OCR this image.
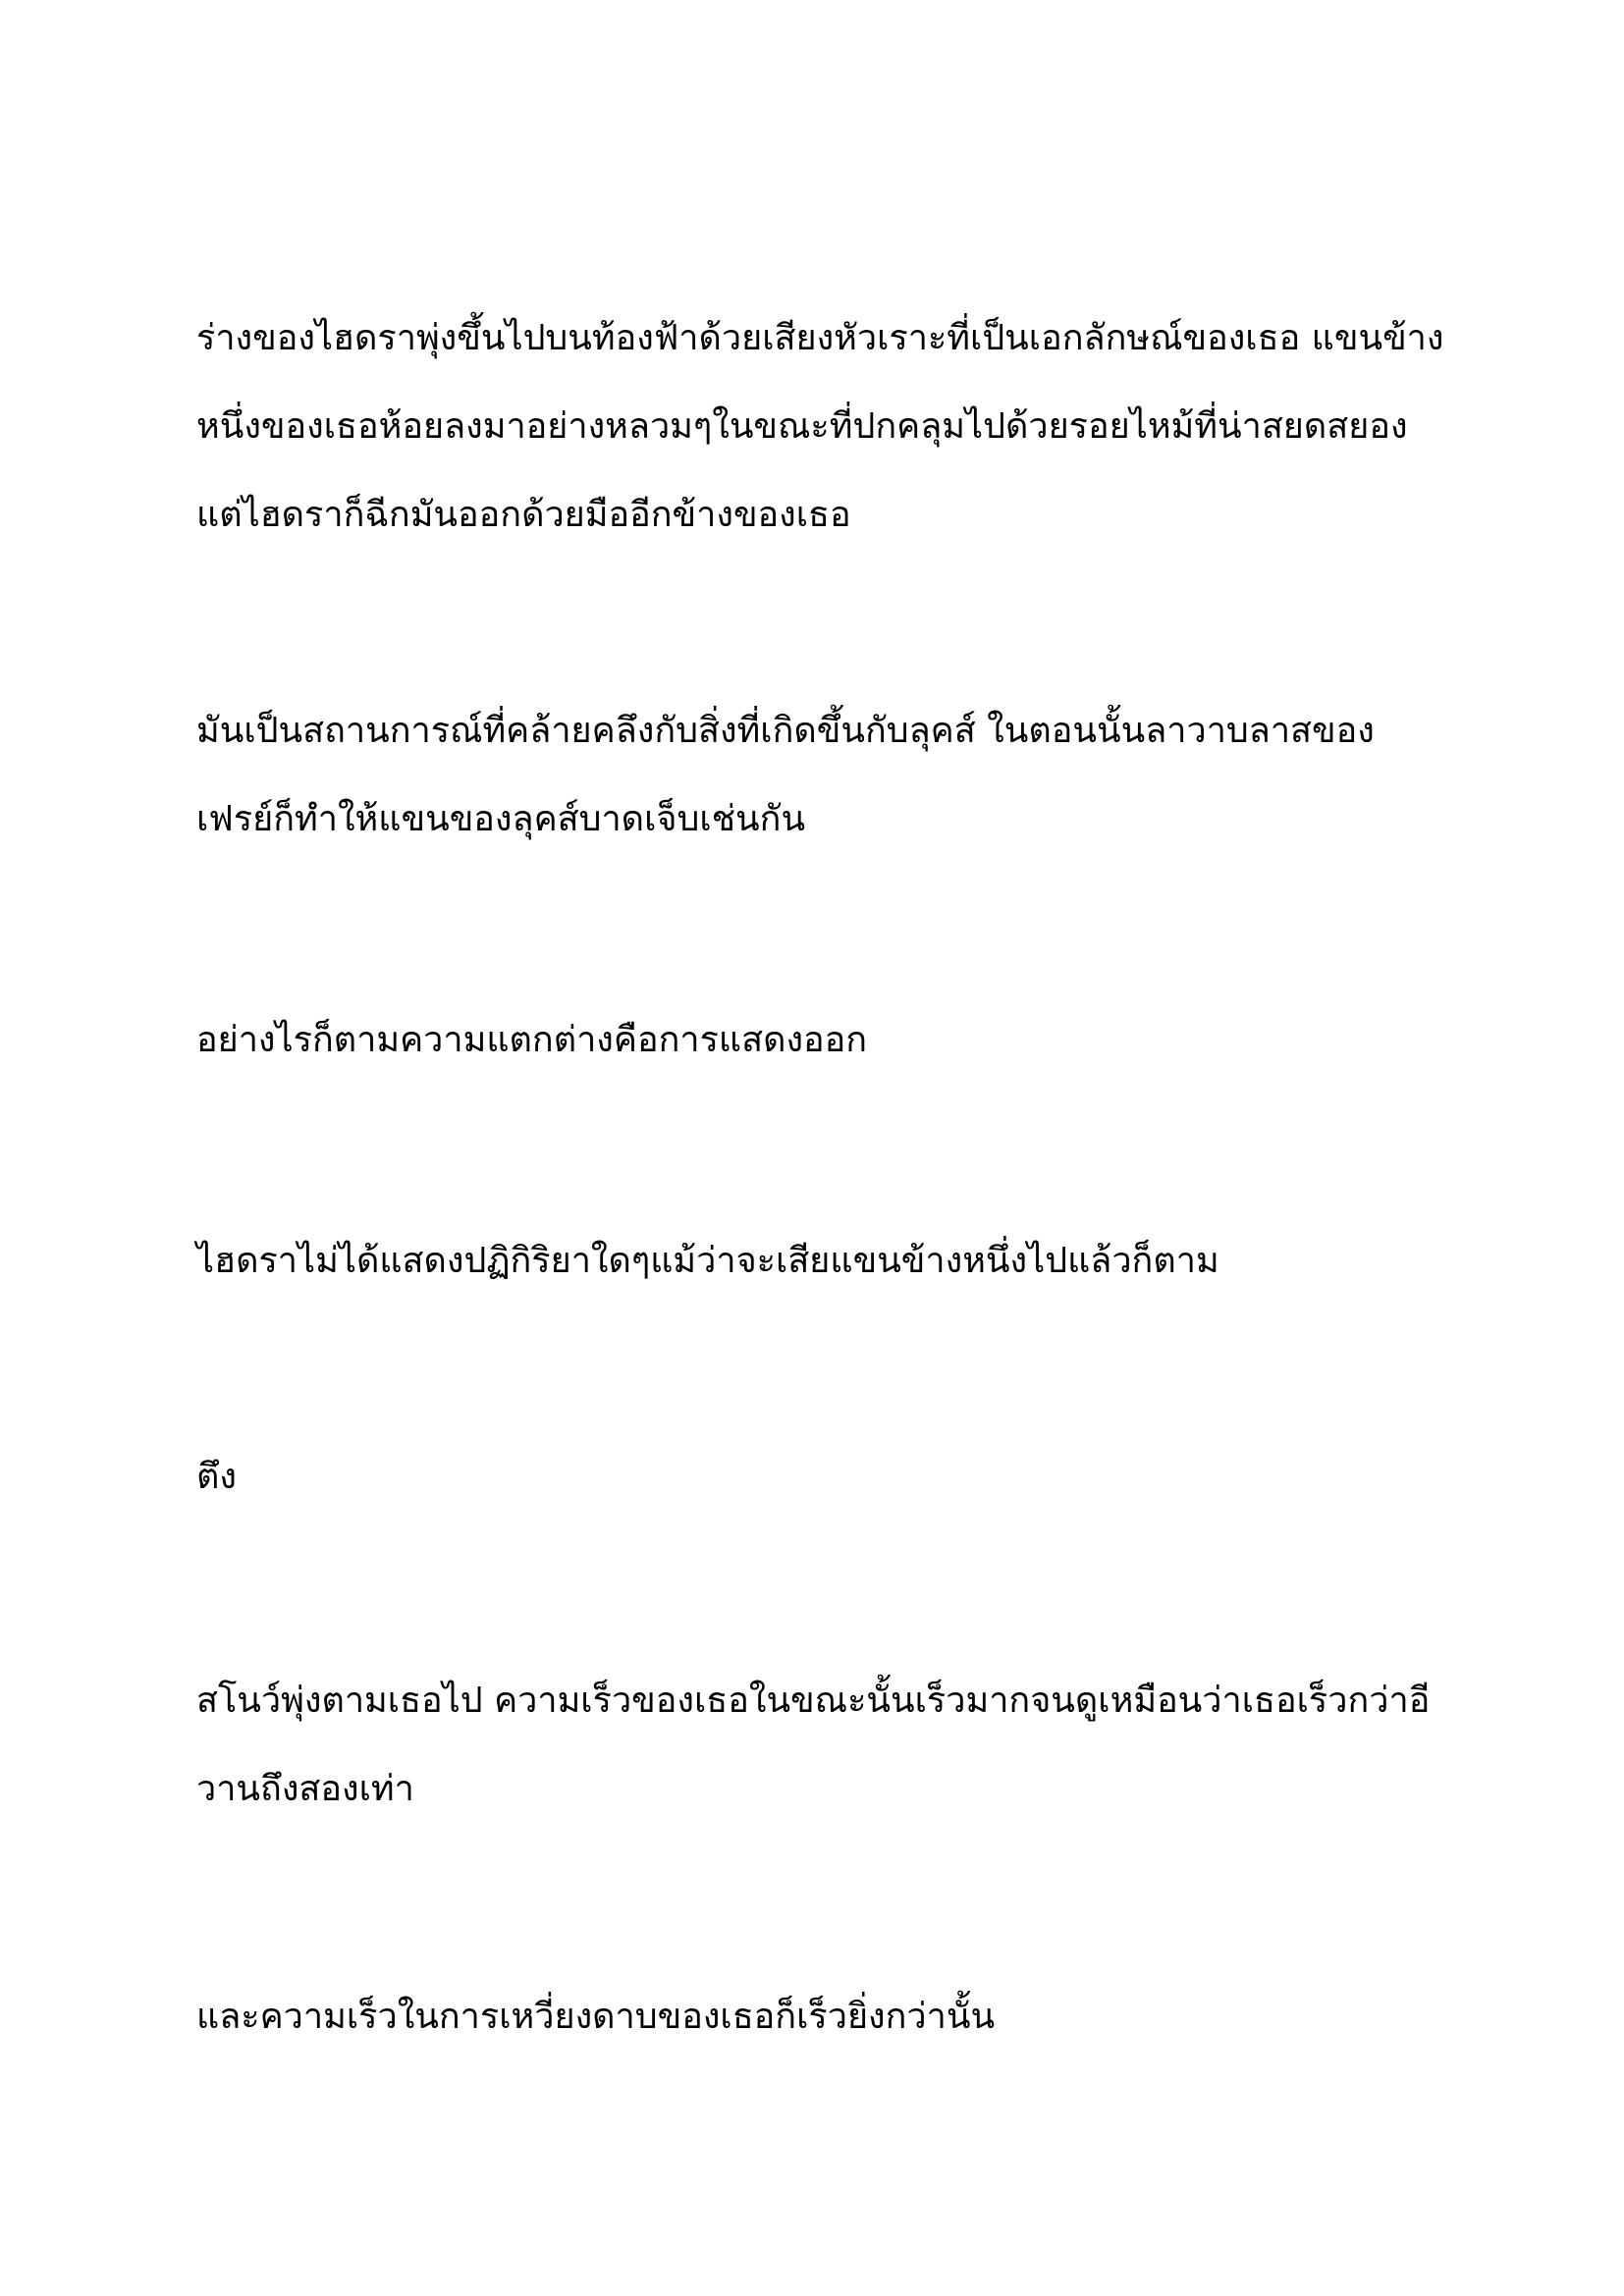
ร่างของไฮดราพุ่งขึ้นไปบนท้องฟ้าด้วยเสียงหัวเราะที่เป็นเอกลักษณ์ของเธอ แขนข้าง
หนึ่งของเธอห้อยลงมาอย่างหลวมๆในขณะที่ปกคลุมไปด้วยรอยไหม้ที่น่าสยดสยอง
แต่ไฮดราก็ฉีกมันออกด้วยมืออีกข้างของเธอ
มันเป็นสถานการณ์ที่คล้ายคลึงกับสิ่งที่เกิดขึ้นกับลุคส์ ในตอนนั้นลาวาบลาสของ
เฟรย์ก็ทำให้แขนของลุคส์บาดเจ็บเช่นกัน
อย่างไรก็ตามความแตกต่างคือการแสดงออก
ไฮดราไม่ได้แสดงปฏิกิริยาใดๆแม้ว่าจะเสียแขนข้างหนึ่งไปแล้วก็ตาม
ตึง
สโนว์พุ่งตามเธอไป ความเร็วของเธอในขณะนั้นเร็วมากจนดูเหมือนว่าเธอเร็วกว่าอี
วานถึงสองเท่า
และความเร็วในการเหวี่ยงดาบของเธอก็เร็วยิ่งกว่านั้น
